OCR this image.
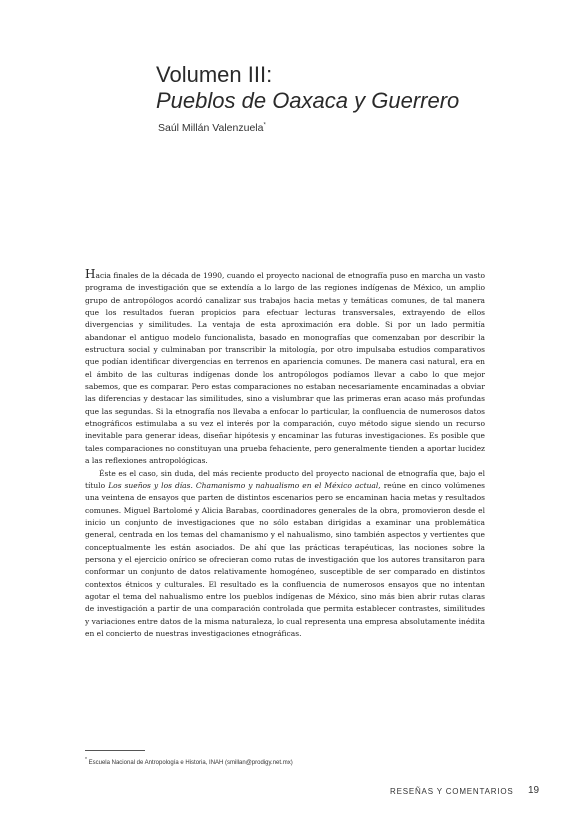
Volumen III:
Pueblos de Oaxaca y Guerrero
Saúl Millán Valenzuela*

Hacia finales de la década de 1990, cuando el proyecto nacional de etnografía puso en marcha un vasto programa de investigación que se extendía a lo largo de las regiones indígenas de México, un amplio grupo de antropólogos acordó canalizar sus trabajos hacia metas y temáticas comunes, de tal manera que los resultados fueran propicios para efectuar lecturas transversales, extrayendo de ellos divergencias y similitudes. La ventaja de esta aproximación era doble. Si por un lado permitía abandonar el antiguo modelo funcionalista, basado en monografías que comenzaban por describir la estructura social y culminaban por transcribir la mitología, por otro impulsaba estudios comparativos que podían identificar divergencias en terrenos en apariencia comunes. De manera casi natural, era en el ámbito de las culturas indígenas donde los antropólogos podíamos llevar a cabo lo que mejor sabemos, que es comparar. Pero estas comparaciones no estaban necesariamente encaminadas a obviar las diferencias y destacar las similitudes, sino a vislumbrar que las primeras eran acaso más profundas que las segundas. Si la etnografía nos llevaba a enfocar lo particular, la confluencia de numerosos datos etnográficos estimulaba a su vez el interés por la comparación, cuyo método sigue siendo un recurso inevitable para generar ideas, diseñar hipótesis y encaminar las futuras investigaciones. Es posible que tales comparaciones no constituyan una prueba fehaciente, pero generalmente tienden a aportar lucidez a las reflexiones antropológicas.

Éste es el caso, sin duda, del más reciente producto del proyecto nacional de etnografía que, bajo el título Los sueños y los días. Chamanismo y nahualismo en el México actual, reúne en cinco volúmenes una veintena de ensayos que parten de distintos escenarios pero se encaminan hacia metas y resultados comunes. Miguel Bartolomé y Alicia Barabas, coordinadores generales de la obra, promovieron desde el inicio un conjunto de investigaciones que no sólo estaban dirigidas a examinar una problemática general, centrada en los temas del chamanismo y el nahualismo, sino también aspectos y vertientes que conceptualmente les están asociados. De ahí que las prácticas terapéuticas, las nociones sobre la persona y el ejercicio onírico se ofrecieran como rutas de investigación que los autores transitaron para conformar un conjunto de datos relativamente homogéneo, susceptible de ser comparado en distintos contextos étnicos y culturales. El resultado es la confluencia de numerosos ensayos que no intentan agotar el tema del nahualismo entre los pueblos indígenas de México, sino más bien abrir rutas claras de investigación a partir de una comparación controlada que permita establecer contrastes, similitudes y variaciones entre datos de la misma naturaleza, lo cual representa una empresa absolutamente inédita en el concierto de nuestras investigaciones etnográficas.

* Escuela Nacional de Antropología e Historia, INAH (smillan@prodigy.net.mx)
RESEÑAS Y COMENTARIOS 19
